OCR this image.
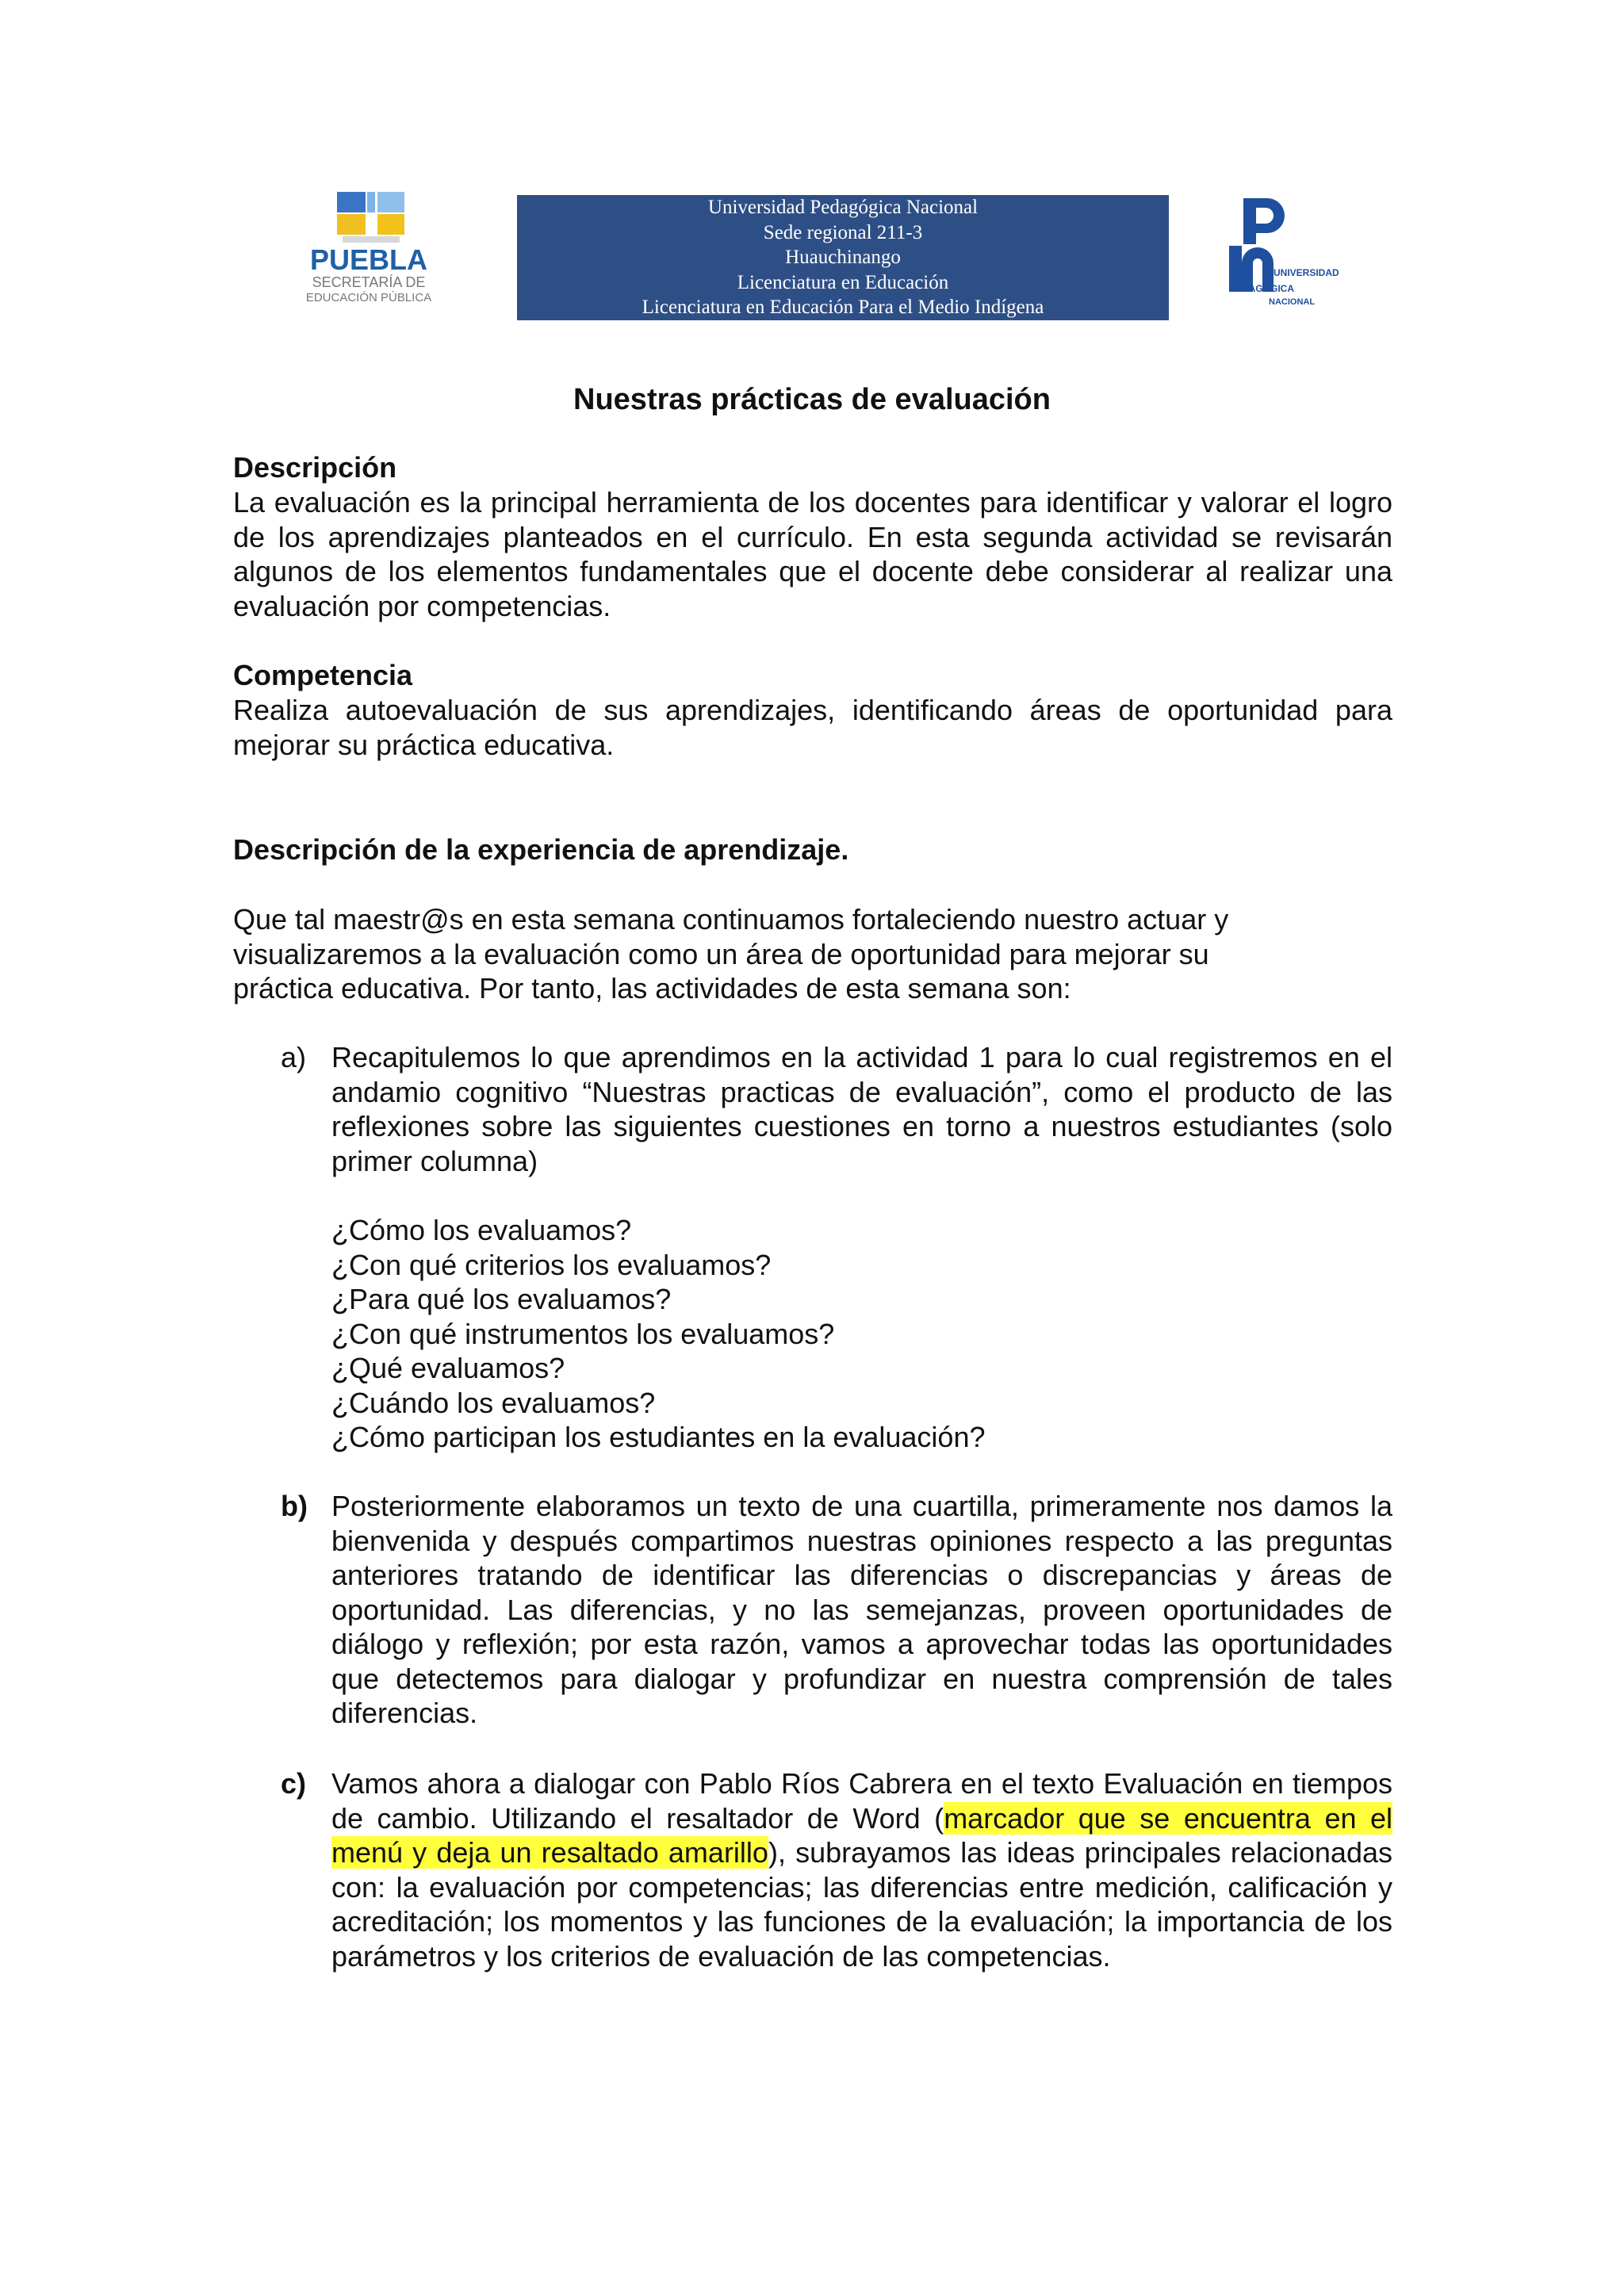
PUEBLA
SECRETARÍA DE
EDUCACIÓN PÚBLICA
Universidad Pedagógica Nacional
Sede regional 211-3
Huauchinango
Licenciatura en Educación
Licenciatura en Educación Para el Medio Indígena
UNIVERSIDAD
PEDAGÓGICA
NACIONAL
Nuestras prácticas de evaluación
Descripción
La evaluación es la principal herramienta de los docentes para identificar y valorar el logro de los aprendizajes planteados en el currículo. En esta segunda actividad se revisarán algunos de los elementos fundamentales que el docente debe considerar al realizar una evaluación por competencias.
Competencia
Realiza autoevaluación de sus aprendizajes, identificando áreas de oportunidad para mejorar su práctica educativa.
Descripción de la experiencia de aprendizaje.
Que tal maestr@s en esta semana continuamos fortaleciendo nuestro actuar y
visualizaremos a la evaluación como un área de oportunidad para mejorar su
práctica educativa. Por tanto, las actividades de esta semana son:
a) Recapitulemos lo que aprendimos en la actividad 1 para lo cual registremos en el andamio cognitivo “Nuestras practicas de evaluación”, como el producto de las reflexiones sobre las siguientes cuestiones en torno a nuestros estudiantes (solo primer columna)
¿Cómo los evaluamos?
¿Con qué criterios los evaluamos?
¿Para qué los evaluamos?
¿Con qué instrumentos los evaluamos?
¿Qué evaluamos?
¿Cuándo los evaluamos?
¿Cómo participan los estudiantes en la evaluación?
b) Posteriormente elaboramos un texto de una cuartilla, primeramente nos damos la bienvenida y después compartimos nuestras opiniones respecto a las preguntas anteriores tratando de identificar las diferencias o discrepancias y áreas de oportunidad. Las diferencias, y no las semejanzas, proveen oportunidades de diálogo y reflexión; por esta razón, vamos a aprovechar todas las oportunidades que detectemos para dialogar y profundizar en nuestra comprensión de tales diferencias.
c) Vamos ahora a dialogar con Pablo Ríos Cabrera en el texto Evaluación en tiempos de cambio. Utilizando el resaltador de Word (marcador que se encuentra en el menú y deja un resaltado amarillo), subrayamos las ideas principales relacionadas con: la evaluación por competencias; las diferencias entre medición, calificación y acreditación; los momentos y las funciones de la evaluación; la importancia de los parámetros y los criterios de evaluación de las competencias.
